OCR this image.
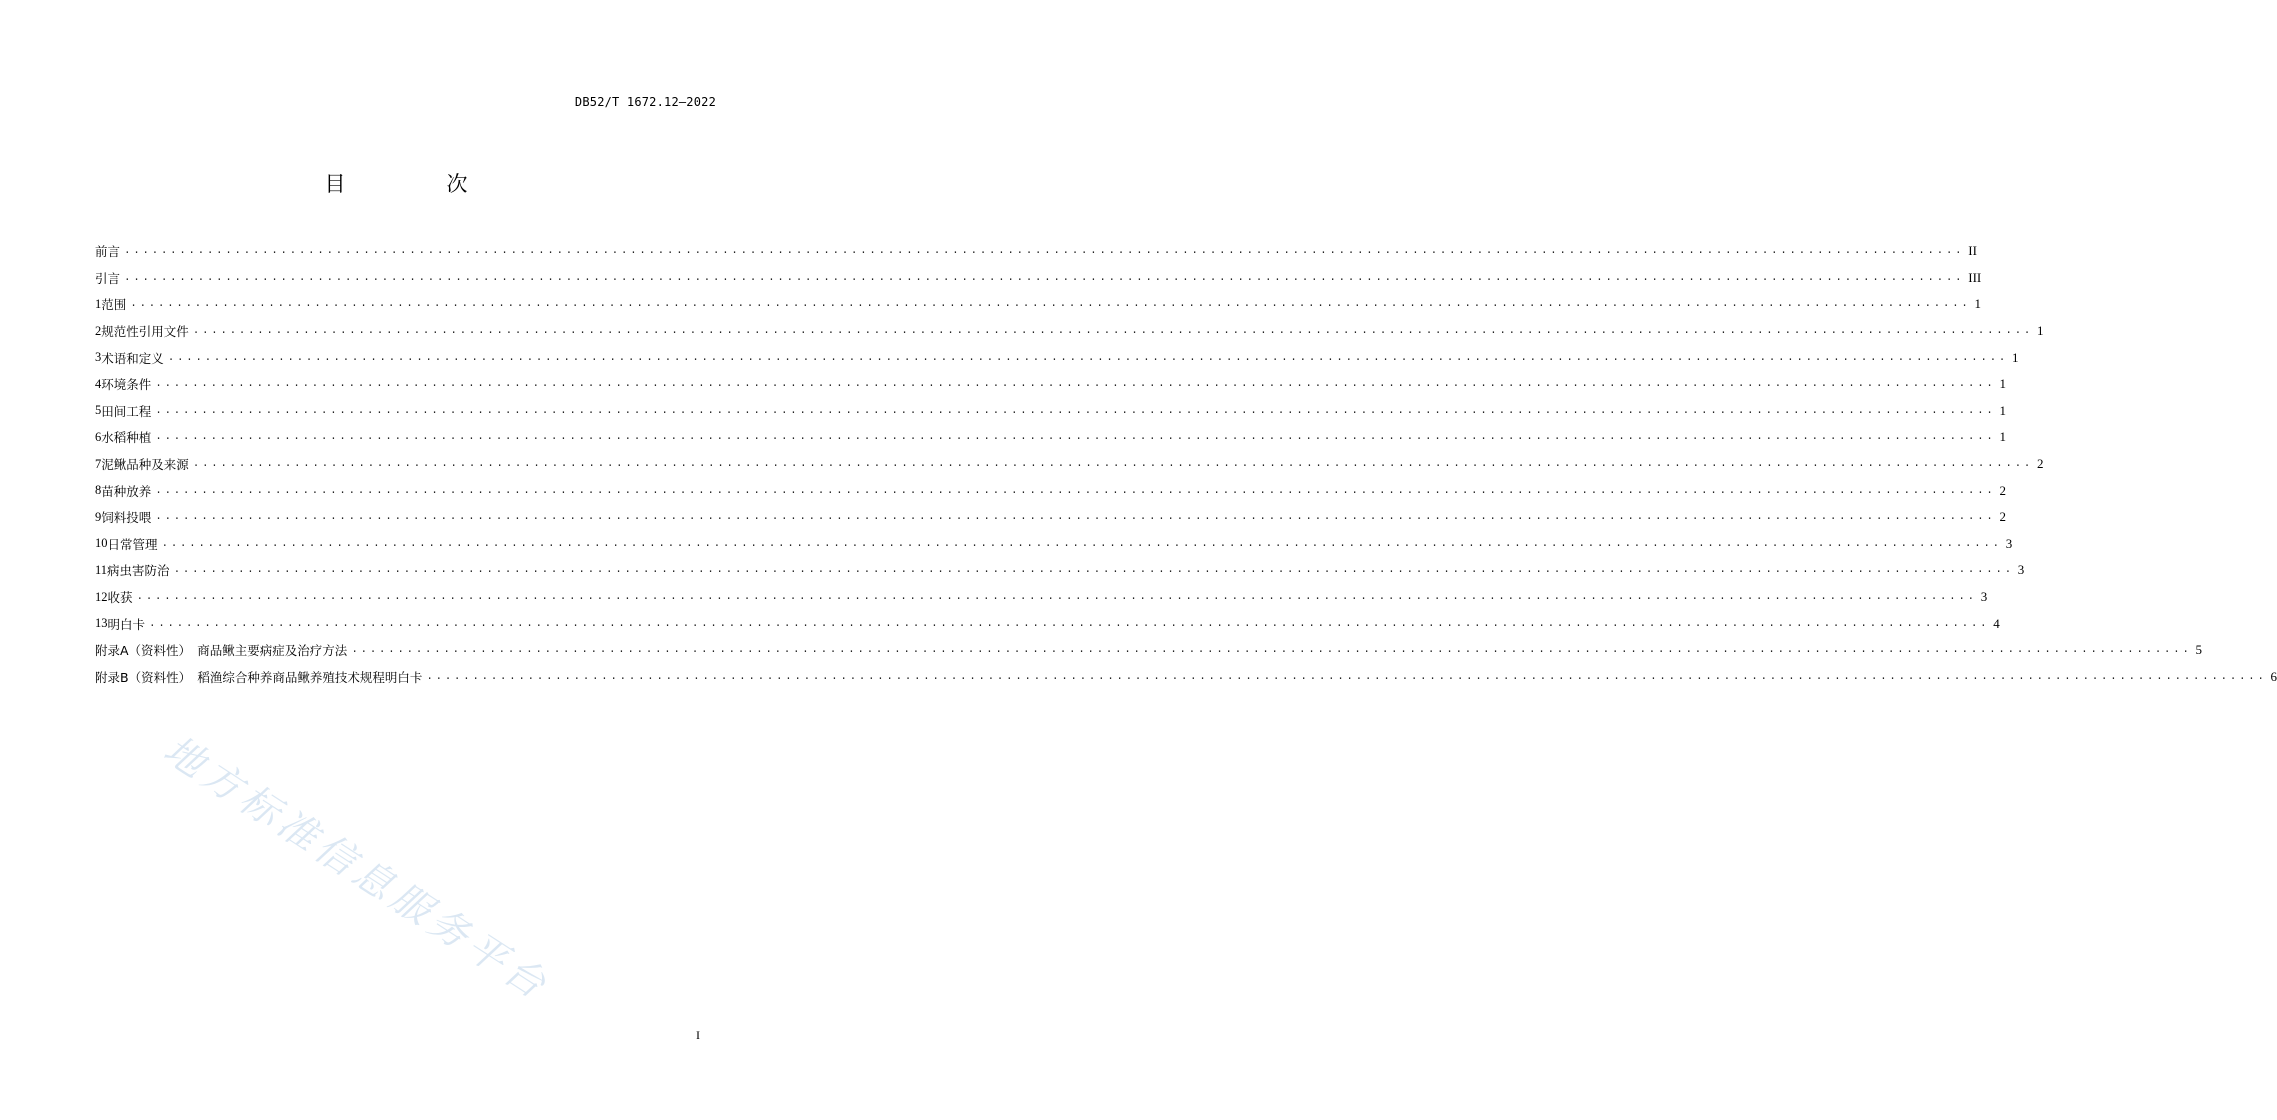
DB52/T 1672.12—2022
目　次
前言 ........................................................................................................................................................................................................ II
引言 ........................................................................................................................................................................................................ III
1 范围 ........................................................................................................................................................................................................ 1
2 规范性引用文件 ........................................................................................................................................................................................................ 1
3 术语和定义 ........................................................................................................................................................................................................ 1
4 环境条件 ........................................................................................................................................................................................................ 1
5 田间工程 ........................................................................................................................................................................................................ 1
6 水稻种植 ........................................................................................................................................................................................................ 1
7 泥鳅品种及来源 ........................................................................................................................................................................................................ 2
8 苗种放养 ........................................................................................................................................................................................................ 2
9 饲料投喂 ........................................................................................................................................................................................................ 2
10 日常管理 ........................................................................................................................................................................................................ 3
11 病虫害防治 ........................................................................................................................................................................................................ 3
12 收获 ........................................................................................................................................................................................................ 3
13 明白卡 ........................................................................................................................................................................................................ 4
附录A（资料性）　商品鳅主要病症及治疗方法 ........................................................................................................................................................................................................ 5
附录B（资料性）　稻渔综合种养商品鳅养殖技术规程明白卡 ........................................................................................................................................................................................................ 6
地方标准信息服务平台
I
